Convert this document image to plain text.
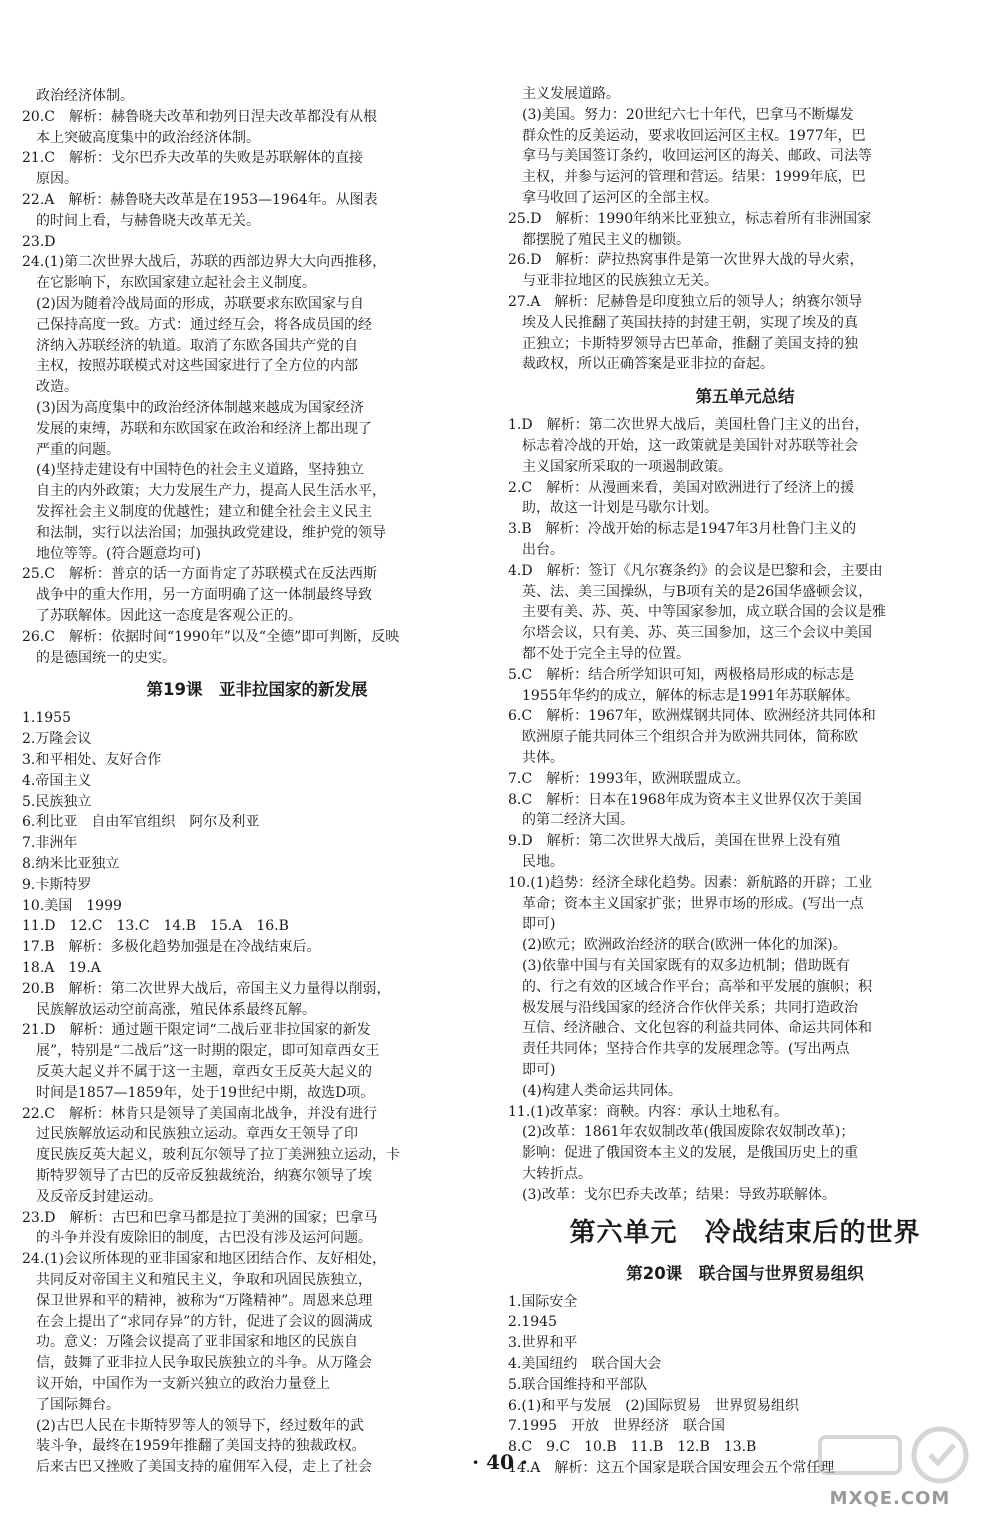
政治经济体制。
20.C　解析：赫鲁晓夫改革和勃列日涅夫改革都没有从根
本上突破高度集中的政治经济体制。
21.C　解析：戈尔巴乔夫改革的失败是苏联解体的直接
原因。
22.A　解析：赫鲁晓夫改革是在1953—1964年。从图表
的时间上看，与赫鲁晓夫改革无关。
23.D
24.(1)第二次世界大战后，苏联的西部边界大大向西推移，
在它影响下，东欧国家建立起社会主义制度。
(2)因为随着冷战局面的形成，苏联要求东欧国家与自
己保持高度一致。方式：通过经互会，将各成员国的经
济纳入苏联经济的轨道。取消了东欧各国共产党的自
主权，按照苏联模式对这些国家进行了全方位的内部
改造。
(3)因为高度集中的政治经济体制越来越成为国家经济
发展的束缚，苏联和东欧国家在政治和经济上都出现了
严重的问题。
(4)坚持走建设有中国特色的社会主义道路，坚持独立
自主的内外政策；大力发展生产力，提高人民生活水平，
发挥社会主义制度的优越性；建立和健全社会主义民主
和法制，实行以法治国；加强执政党建设，维护党的领导
地位等等。(符合题意均可)
25.C　解析：普京的话一方面肯定了苏联模式在反法西斯
战争中的重大作用，另一方面明确了这一体制最终导致
了苏联解体。因此这一态度是客观公正的。
26.C　解析：依据时间“1990年”以及“全德”即可判断，反映
的是德国统一的史实。
第19课　亚非拉国家的新发展
1.1955
2.万隆会议
3.和平相处、友好合作
4.帝国主义
5.民族独立
6.利比亚　自由军官组织　阿尔及利亚
7.非洲年
8.纳米比亚独立
9.卡斯特罗
10.美国　1999
11.D　12.C　13.C　14.B　15.A　16.B
17.B　解析：多极化趋势加强是在冷战结束后。
18.A　19.A
20.B　解析：第二次世界大战后，帝国主义力量得以削弱，
民族解放运动空前高涨，殖民体系最终瓦解。
21.D　解析：通过题干限定词“二战后亚非拉国家的新发
展”，特别是“二战后”这一时期的限定，即可知章西女王
反英大起义并不属于这一主题，章西女王反英大起义的
时间是1857—1859年，处于19世纪中期，故选D项。
22.C　解析：林肯只是领导了美国南北战争，并没有进行
过民族解放运动和民族独立运动。章西女王领导了印
度民族反英大起义，玻利瓦尔领导了拉丁美洲独立运动，卡
斯特罗领导了古巴的反帝反独裁统治，纳赛尔领导了埃
及反帝反封建运动。
23.D　解析：古巴和巴拿马都是拉丁美洲的国家；巴拿马
的斗争并没有废除旧的制度，古巴没有涉及运河问题。
24.(1)会议所体现的亚非国家和地区团结合作、友好相处，
共同反对帝国主义和殖民主义，争取和巩固民族独立，
保卫世界和平的精神，被称为“万隆精神”。周恩来总理
在会上提出了“求同存异”的方针，促进了会议的圆满成
功。意义：万隆会议提高了亚非国家和地区的民族自
信，鼓舞了亚非拉人民争取民族独立的斗争。从万隆会
议开始，中国作为一支新兴独立的政治力量登上
了国际舞台。
(2)古巴人民在卡斯特罗等人的领导下，经过数年的武
装斗争，最终在1959年推翻了美国支持的独裁政权。
后来古巴又挫败了美国支持的雇佣军入侵，走上了社会
主义发展道路。
(3)美国。努力：20世纪六七十年代，巴拿马不断爆发
群众性的反美运动，要求收回运河区主权。1977年，巴
拿马与美国签订条约，收回运河区的海关、邮政、司法等
主权，并参与运河的管理和营运。结果：1999年底，巴
拿马收回了运河区的全部主权。
25.D　解析：1990年纳米比亚独立，标志着所有非洲国家
都摆脱了殖民主义的枷锁。
26.D　解析：萨拉热窝事件是第一次世界大战的导火索，
与亚非拉地区的民族独立无关。
27.A　解析：尼赫鲁是印度独立后的领导人；纳赛尔领导
埃及人民推翻了英国扶持的封建王朝，实现了埃及的真
正独立；卡斯特罗领导古巴革命，推翻了美国支持的独
裁政权，所以正确答案是亚非拉的奋起。
第五单元总结
1.D　解析：第二次世界大战后，美国杜鲁门主义的出台，
标志着冷战的开始，这一政策就是美国针对苏联等社会
主义国家所采取的一项遏制政策。
2.C　解析：从漫画来看，美国对欧洲进行了经济上的援
助，故这一计划是马歇尔计划。
3.B　解析：冷战开始的标志是1947年3月杜鲁门主义的
出台。
4.D　解析：签订《凡尔赛条约》的会议是巴黎和会，主要由
英、法、美三国操纵，与B项有关的是26国华盛顿会议，
主要有美、苏、英、中等国家参加，成立联合国的会议是雅
尔塔会议，只有美、苏、英三国参加，这三个会议中美国
都不处于完全主导的位置。
5.C　解析：结合所学知识可知，两极格局形成的标志是
1955年华约的成立，解体的标志是1991年苏联解体。
6.C　解析：1967年，欧洲煤钢共同体、欧洲经济共同体和
欧洲原子能共同体三个组织合并为欧洲共同体，简称欧
共体。
7.C　解析：1993年，欧洲联盟成立。
8.C　解析：日本在1968年成为资本主义世界仅次于美国
的第二经济大国。
9.D　解析：第二次世界大战后，美国在世界上没有殖
民地。
10.(1)趋势：经济全球化趋势。因素：新航路的开辟；工业
革命；资本主义国家扩张；世界市场的形成。(写出一点
即可)
(2)欧元；欧洲政治经济的联合(欧洲一体化的加深)。
(3)依靠中国与有关国家既有的双多边机制；借助既有
的、行之有效的区域合作平台；高举和平发展的旗帜；积
极发展与沿线国家的经济合作伙伴关系；共同打造政治
互信、经济融合、文化包容的利益共同体、命运共同体和
责任共同体；坚持合作共享的发展理念等。(写出两点
即可)
(4)构建人类命运共同体。
11.(1)改革家：商鞅。内容：承认土地私有。
(2)改革：1861年农奴制改革(俄国废除农奴制改革)；
影响：促进了俄国资本主义的发展，是俄国历史上的重
大转折点。
(3)改革：戈尔巴乔夫改革；结果：导致苏联解体。
第六单元　冷战结束后的世界
第20课　联合国与世界贸易组织
1.国际安全
2.1945
3.世界和平
4.美国纽约　联合国大会
5.联合国维持和平部队
6.(1)和平与发展　(2)国际贸易　世界贸易组织
7.1995　开放　世界经济　联合国
8.C　9.C　10.B　11.B　12.B　13.B
14.A　解析：这五个国家是联合国安理会五个常任理
· 40 ·
MXQE.COM
